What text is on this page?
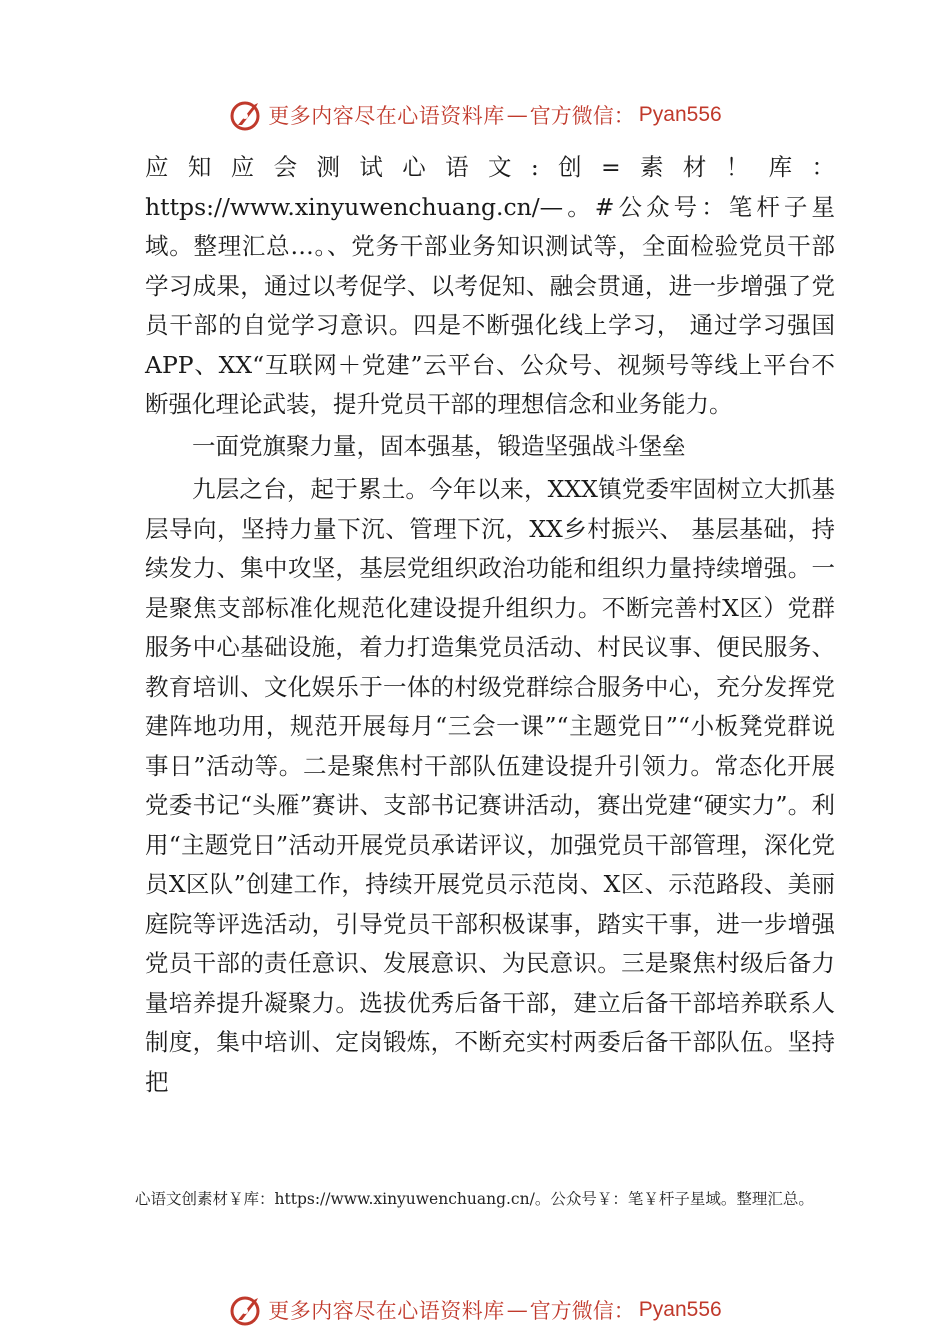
更多内容尽在心语资料库 — 官方微信： Pyan556

应知应会测试心语文:创=素材！库：https://www.xinyuwenchuang.cn/—。#公众号：笔杆子星域。整理汇总…。、党务干部业务知识测试等，全面检验党员干部学习成果，通过以考促学、以考促知、融会贯通，进一步增强了党员干部的自觉学习意识。四是不断强化线上学习， 通过学习强国 APP、XX“互联网＋党建”云平台、公众号、视频号等线上平台不断强化理论武装，提升党员干部的理想信念和业务能力。

一面党旗聚力量，固本强基，锻造坚强战斗堡垒

九层之台，起于累土。今年以来，XXX镇党委牢固树立大抓基层导向，坚持力量下沉、管理下沉，XX乡村振兴、 基层基础，持续发力、集中攻坚，基层党组织政治功能和组织力量持续增强。一是聚焦支部标准化规范化建设提升组织力。不断完善村X区）党群服务中心基础设施，着力打造集党员活动、村民议事、便民服务、教育培训、文化娱乐于一体的村级党群综合服务中心，充分发挥党建阵地功用，规范开展每月“三会一课”“主题党日”“小板凳党群说事日”活动等。二是聚焦村干部队伍建设提升引领力。常态化开展党委书记“头雁”赛讲、支部书记赛讲活动，赛出党建“硬实力”。利用“主题党日”活动开展党员承诺评议，加强党员干部管理，深化党员X区队”创建工作，持续开展党员示范岗、X区、示范路段、美丽庭院等评选活动，引导党员干部积极谋事，踏实干事，进一步增强党员干部的责任意识、发展意识、为民意识。三是聚焦村级后备力量培养提升凝聚力。选拔优秀后备干部，建立后备干部培养联系人制度，集中培训、定岗锻炼，不断充实村两委后备干部队伍。坚持把

心语文创素材￥库：https://www.xinyuwenchuang.cn/。公众号￥：笔￥杆子星域。整理汇总。
更多内容尽在心语资料库 — 官方微信： Pyan556
